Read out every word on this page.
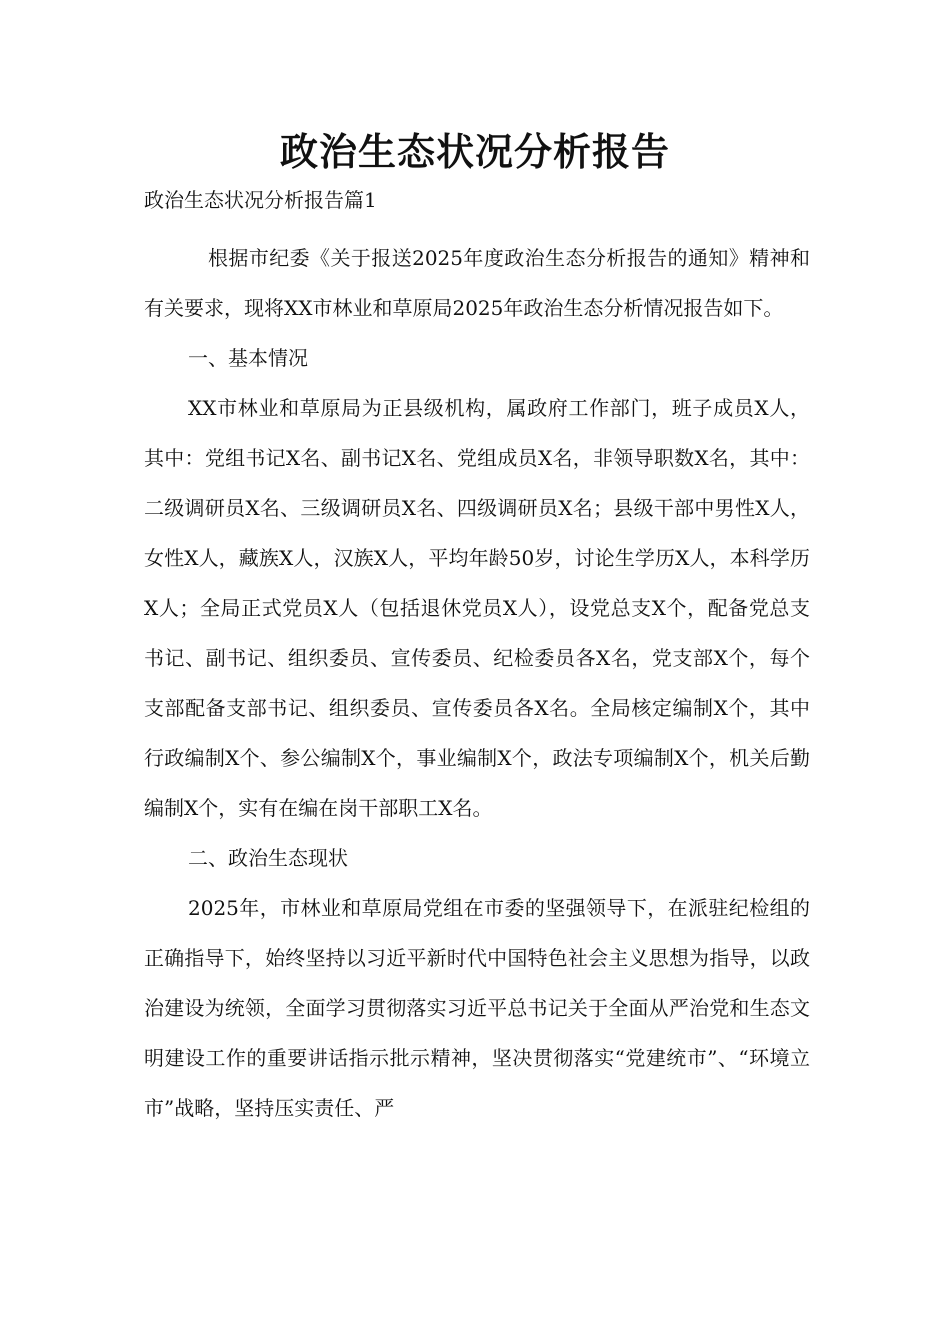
政治生态状况分析报告

政治生态状况分析报告篇1

根据市纪委《关于报送2025年度政治生态分析报告的通知》精神和有关要求，现将XX市林业和草原局2025年政治生态分析情况报告如下。

一、基本情况

XX市林业和草原局为正县级机构，属政府工作部门，班子成员X人，其中：党组书记X名、副书记X名、党组成员X名，非领导职数X名，其中：二级调研员X名、三级调研员X名、四级调研员X名；县级干部中男性X人，女性X人，藏族X人，汉族X人，平均年龄50岁，讨论生学历X人，本科学历X人；全局正式党员X人（包括退休党员X人），设党总支X个，配备党总支书记、副书记、组织委员、宣传委员、纪检委员各X名，党支部X个，每个支部配备支部书记、组织委员、宣传委员各X名。全局核定编制X个，其中行政编制X个、参公编制X个，事业编制X个，政法专项编制X个，机关后勤编制X个，实有在编在岗干部职工X名。

二、政治生态现状

2025年，市林业和草原局党组在市委的坚强领导下，在派驻纪检组的正确指导下，始终坚持以习近平新时代中国特色社会主义思想为指导，以政治建设为统领，全面学习贯彻落实习近平总书记关于全面从严治党和生态文明建设工作的重要讲话指示批示精神，坚决贯彻落实“党建统市”、“环境立市”战略，坚持压实责任、严
